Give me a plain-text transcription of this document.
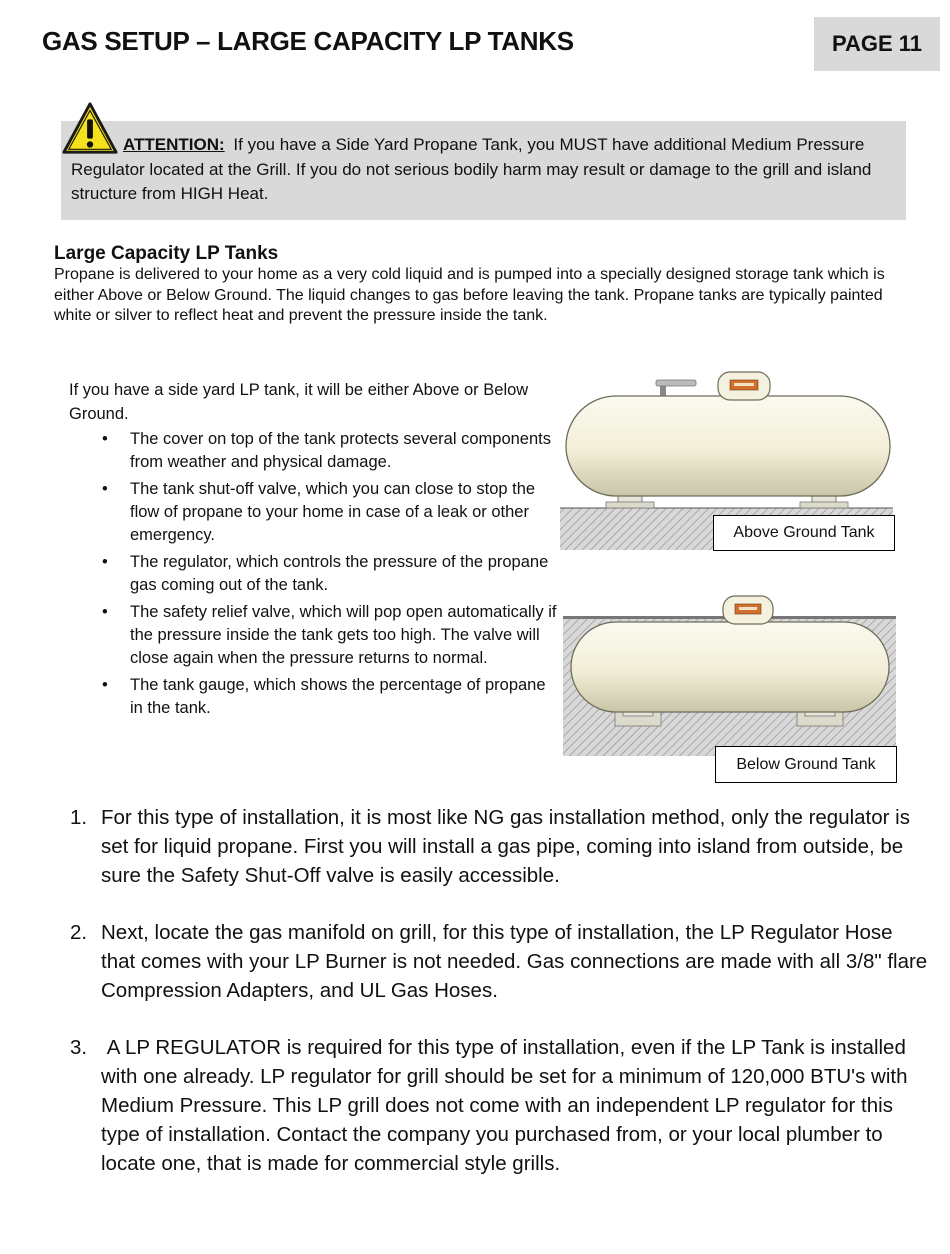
GAS SETUP – LARGE CAPACITY LP TANKS	PAGE 11
ATTENTION: If you have a Side Yard Propane Tank, you MUST have additional Medium Pressure Regulator located at the Grill. If you do not serious bodily harm may result or damage to the grill and island structure from HIGH Heat.
Large Capacity LP Tanks
Propane is delivered to your home as a very cold liquid and is pumped into a specially designed storage tank which is either Above or Below Ground. The liquid changes to gas before leaving the tank. Propane tanks are typically painted white or silver to reflect heat and prevent the pressure inside the tank.
If you have a side yard LP tank, it will be either Above or Below Ground.
• The cover on top of the tank protects several components from weather and physical damage.
• The tank shut-off valve, which you can close to stop the flow of propane to your home in case of a leak or other emergency.
• The regulator, which controls the pressure of the propane gas coming out of the tank.
• The safety relief valve, which will pop open automatically if the pressure inside the tank gets too high. The valve will close again when the pressure returns to normal.
• The tank gauge, which shows the percentage of propane in the tank.
Above Ground Tank
Below Ground Tank
1. For this type of installation, it is most like NG gas installation method, only the regulator is set for liquid propane. First you will install a gas pipe, coming into island from outside, be sure the Safety Shut-Off valve is easily accessible.
2. Next, locate the gas manifold on grill, for this type of installation, the LP Regulator Hose that comes with your LP Burner is not needed. Gas connections are made with all 3/8" flare Compression Adapters, and UL Gas Hoses.
3. A LP REGULATOR is required for this type of installation, even if the LP Tank is installed with one already. LP regulator for grill should be set for a minimum of 120,000 BTU's with Medium Pressure. This LP grill does not come with an independent LP regulator for this type of installation. Contact the company you purchased from, or your local plumber to locate one, that is made for commercial style grills.
